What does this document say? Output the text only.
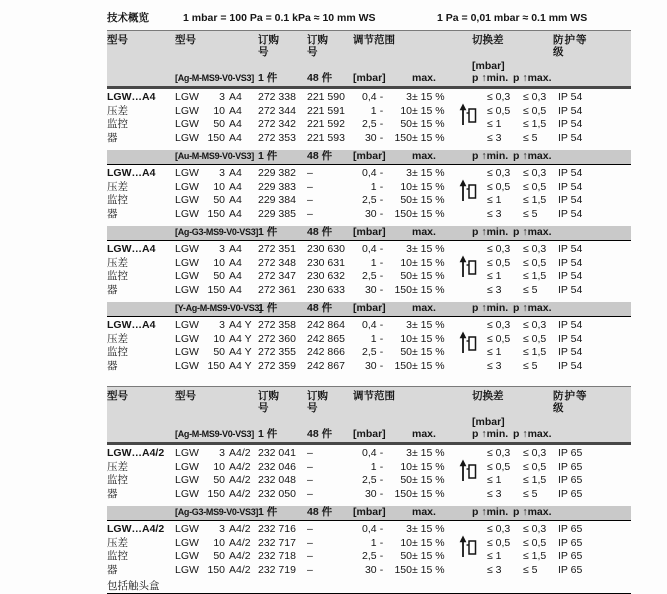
技术概览	1 mbar = 100 Pa = 0.1 kPa ≈ 10 mm WS	1 Pa = 0,01 mbar ≈ 0.1 mm WS
型号	型号	订购号
订购号
调节范围	切换差	防护等级
[mbar]
[Ag-M-MS9-V0-VS3] 1 件	48 件	[mbar]	max.	p ↑min. p ↑max.
LGW…A4	LGW 3 A4	272 338	221 590	0,4 -	3 ± 15 %	≤ 0,3	≤ 0,3	IP 54
压差	LGW 10 A4	272 344	221 591	1 -	10 ± 15 %	≤ 0,5	≤ 0,5	IP 54
监控	LGW 50 A4	272 342	221 592	2,5 -	50 ± 15 %	≤ 1	≤ 1,5	IP 54
器	LGW 150 A4	272 353	221 593	30 -	150 ± 15 %	≤ 3	≤ 5	IP 54
[Au-M-MS9-V0-VS3] 1 件	48 件	[mbar]	max.	p ↑min. p ↑max.
LGW…A4	LGW 3 A4	229 382	–	0,4 -	3 ± 15 %	≤ 0,3	≤ 0,3	IP 54
压差	LGW 10 A4	229 383	–	1 -	10 ± 15 %	≤ 0,5	≤ 0,5	IP 54
监控	LGW 50 A4	229 384	–	2,5 -	50 ± 15 %	≤ 1	≤ 1,5	IP 54
器	LGW 150 A4	229 385	–	30 -	150 ± 15 %	≤ 3	≤ 5	IP 54
[Ag-G3-MS9-V0-VS3] 1 件	48 件	[mbar]	max.	p ↑min. p ↑max.
LGW…A4	LGW 3 A4	272 351	230 630	0,4 -	3 ± 15 %	≤ 0,3	≤ 0,3	IP 54
压差	LGW 10 A4	272 348	230 631	1 -	10 ± 15 %	≤ 0,5	≤ 0,5	IP 54
监控	LGW 50 A4	272 347	230 632	2,5 -	50 ± 15 %	≤ 1	≤ 1,5	IP 54
器	LGW 150 A4	272 361	230 633	30 -	150 ± 15 %	≤ 3	≤ 5	IP 54
[Y-Ag-M-MS9-V0-VS3]
1 件	48 件	[mbar]	max.	p ↑min. p ↑max.
LGW…A4	LGW 3 A4 Y 272 358	242 864	0,4 -	3 ± 15 %	≤ 0,3	≤ 0,3	IP 54
压差	LGW 10 A4 Y 272 360	242 865	1 -	10 ± 15 %	≤ 0,5	≤ 0,5	IP 54
监控	LGW 50 A4 Y 272 355	242 866	2,5 -	50 ± 15 %	≤ 1	≤ 1,5	IP 54
器	LGW 150 A4 Y 272 359	242 867	30 -	150 ± 15 %	≤ 3	≤ 5	IP 54
型号	型号	订购号
订购号
调节范围	切换差	防护等级
[mbar]
[Ag-M-MS9-V0-VS3] 1 件	48 件	[mbar]	max.	p ↑min. p ↑max.
LGW…A4/2	LGW 3 A4/2 232 041	–	0,4 -	3 ± 15 %	≤ 0,3	≤ 0,3	IP 65
压差	LGW 10 A4/2 232 046	–	1 -	10 ± 15 %	≤ 0,5	≤ 0,5	IP 65
监控	LGW 50 A4/2 232 048	–	2,5 -	50 ± 15 %	≤ 1	≤ 1,5	IP 65
器	LGW 150 A4/2 232 050	–	30 -	150 ± 15 %	≤ 3	≤ 5	IP 65
[Ag-G3-MS9-V0-VS3] 1 件	48 件	[mbar]	max.	p ↑min. p ↑max.
LGW…A4/2	LGW 3 A4/2 232 716	–	0,4 -	3 ± 15 %	≤ 0,3	≤ 0,3	IP 65
压差	LGW 10 A4/2 232 717	–	1 -	10 ± 15 %	≤ 0,5	≤ 0,5	IP 65
监控	LGW 50 A4/2 232 718	–	2,5 -	50 ± 15 %	≤ 1	≤ 1,5	IP 65
器	LGW 150 A4/2 232 719	–	30 -	150 ± 15 %	≤ 3	≤ 5	IP 65
包括触头盒
